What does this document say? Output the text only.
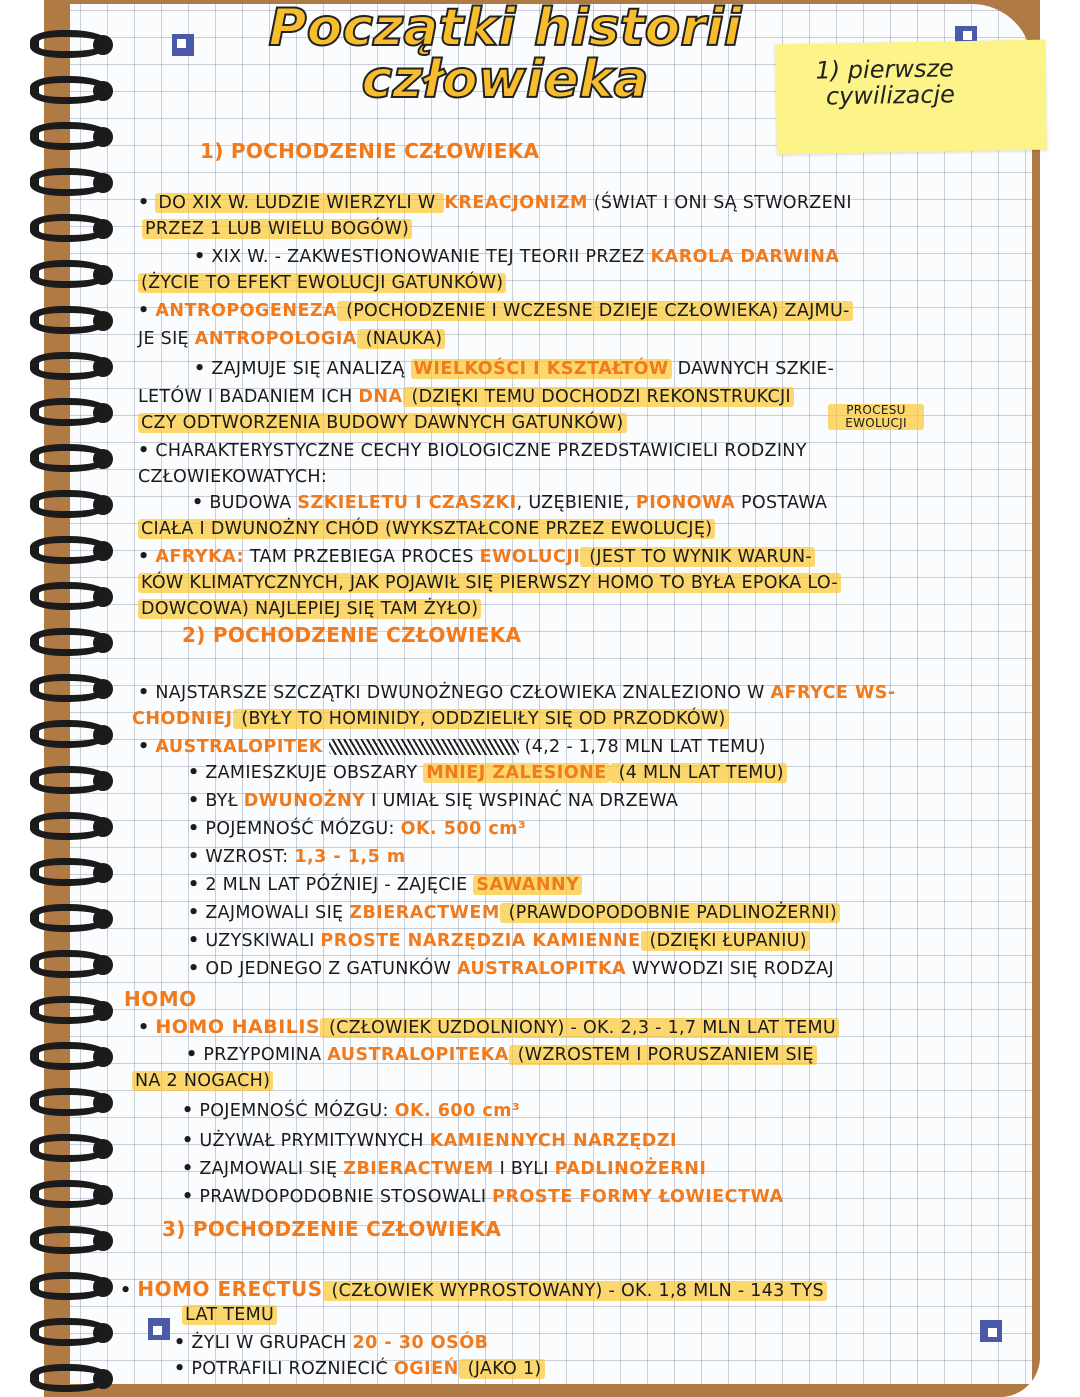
Początki historii
człowieka	1) pierwsze
cywilizacje
1) POCHODZENIE CZŁOWIEKA
• DO XIX W. LUDZIE WIERZYLI W KREACJONIZM (ŚWIAT I ONI SĄ STWORZENI
PRZEZ 1 LUB WIELU BOGÓW)
• XIX W. - ZAKWESTIONOWANIE TEJ TEORII PRZEZ KAROLA DARWINA
(ŻYCIE TO EFEKT EWOLUCJI GATUNKÓW)
• ANTROPOGENEZA (POCHODZENIE I WCZESNE DZIEJE CZŁOWIEKA) ZAJMU-
JE SIĘ ANTROPOLOGIA (NAUKA)
• ZAJMUJE SIĘ ANALIZĄ WIELKOŚCI I KSZTAŁTÓW DAWNYCH SZKIE-
LETÓW I BADANIEM ICH DNA (DZIĘKI TEMU DOCHODZI REKONSTRUKCJI
CZY ODTWORZENIA BUDOWY DAWNYCH GATUNKÓW)
PROCESU EWOLUCJI
• CHARAKTERYSTYCZNE CECHY BIOLOGICZNE PRZEDSTAWICIELI RODZINY
CZŁOWIEKOWATYCH:
• BUDOWA SZKIELETU I CZASZKI, UZĘBIENIE, PIONOWA POSTAWA
CIAŁA I DWUNOŻNY CHÓD (WYKSZTAŁCONE PRZEZ EWOLUCJĘ)
• AFRYKA: TAM PRZEBIEGA PROCES EWOLUCJI (JEST TO WYNIK WARUN-
KÓW KLIMATYCZNYCH, JAK POJAWIŁ SIĘ PIERWSZY HOMO TO BYŁA EPOKA LO-
DOWCOWA) NAJLEPIEJ SIĘ TAM ŻYŁO)
2) POCHODZENIE CZŁOWIEKA
• NAJSTARSZE SZCZĄTKI DWUNOŻNEGO CZŁOWIEKA ZNALEZIONO W AFRYCE WS-
CHODNIEJ (BYŁY TO HOMINIDY, ODDZIELIŁY SIĘ OD PRZODKÓW)
• AUSTRALOPITEK	(4,2 - 1,78 MLN LAT TEMU)
• ZAMIESZKUJE OBSZARY MNIEJ ZALESIONE (4 MLN LAT TEMU)
• BYŁ DWUNOŻNY I UMIAŁ SIĘ WSPINAĆ NA DRZEWA
• POJEMNOŚĆ MÓZGU: OK. 500 cm³
• WZROST: 1,3 - 1,5 m
• 2 MLN LAT PÓŹNIEJ - ZAJĘCIE SAWANNY
• ZAJMOWALI SIĘ ZBIERACTWEM (PRAWDOPODOBNIE PADLINOŻERNI)
• UZYSKIWALI PROSTE NARZĘDZIA KAMIENNE (DZIĘKI ŁUPANIU)
• OD JEDNEGO Z GATUNKÓW AUSTRALOPITKA WYWODZI SIĘ RODZAJ
HOMO
• HOMO HABILIS (CZŁOWIEK UZDOLNIONY) - OK. 2,3 - 1,7 MLN LAT TEMU
• PRZYPOMINA AUSTRALOPITEKA (WZROSTEM I PORUSZANIEM SIĘ
NA 2 NOGACH)
• POJEMNOŚĆ MÓZGU: OK. 600 cm³
• UŻYWAŁ PRYMITYWNYCH KAMIENNYCH NARZĘDZI
• ZAJMOWALI SIĘ ZBIERACTWEM I BYLI PADLINOŻERNI
• PRAWDOPODOBNIE STOSOWALI PROSTE FORMY ŁOWIECTWA
3) POCHODZENIE CZŁOWIEKA
• HOMO ERECTUS (CZŁOWIEK WYPROSTOWANY) - OK. 1,8 MLN - 143 TYS
LAT TEMU
• ŻYLI W GRUPACH 20 - 30 OSÓB
• POTRAFILI ROZNIECIĆ OGIEŃ (JAKO 1)
